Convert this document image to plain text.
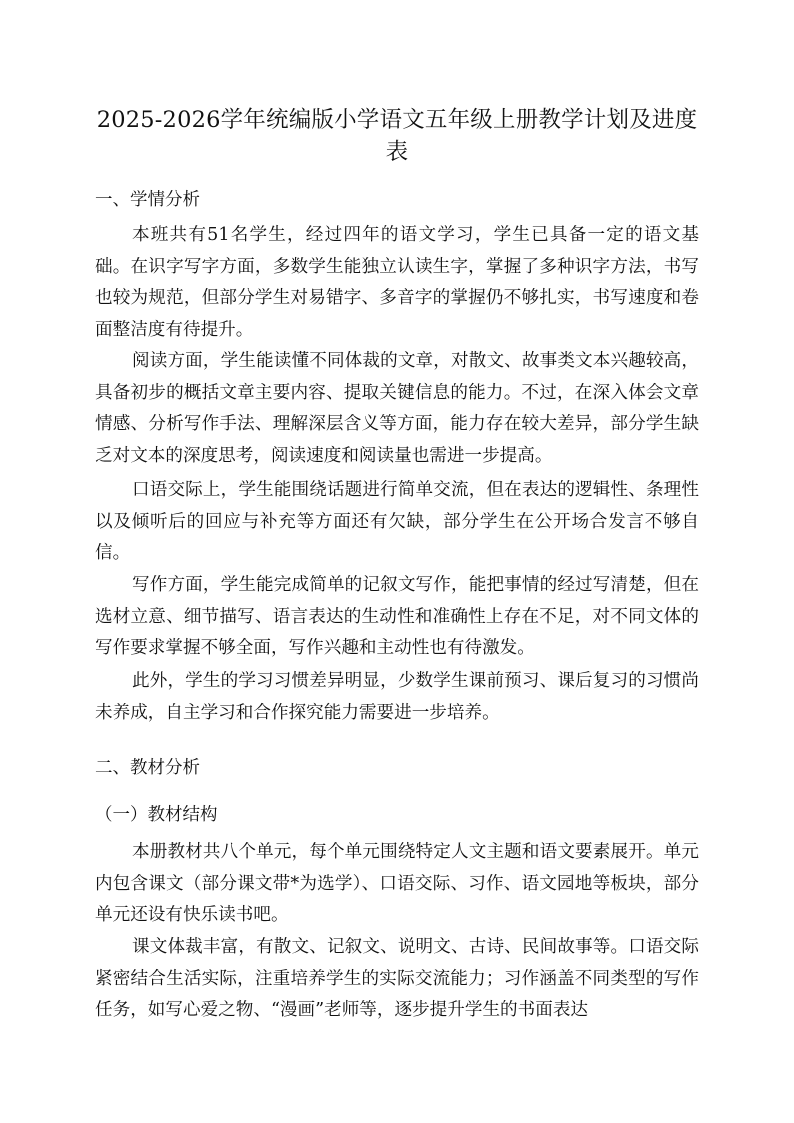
2025-2026学年统编版小学语文五年级上册教学计划及进度表
一、学情分析

本班共有51名学生，经过四年的语文学习，学生已具备一定的语文基础。在识字写字方面，多数学生能独立认读生字，掌握了多种识字方法，书写也较为规范，但部分学生对易错字、多音字的掌握仍不够扎实，书写速度和卷面整洁度有待提升。

阅读方面，学生能读懂不同体裁的文章，对散文、故事类文本兴趣较高，具备初步的概括文章主要内容、提取关键信息的能力。不过，在深入体会文章情感、分析写作手法、理解深层含义等方面，能力存在较大差异，部分学生缺乏对文本的深度思考，阅读速度和阅读量也需进一步提高。

口语交际上，学生能围绕话题进行简单交流，但在表达的逻辑性、条理性以及倾听后的回应与补充等方面还有欠缺，部分学生在公开场合发言不够自信。

写作方面，学生能完成简单的记叙文写作，能把事情的经过写清楚，但在选材立意、细节描写、语言表达的生动性和准确性上存在不足，对不同文体的写作要求掌握不够全面，写作兴趣和主动性也有待激发。

此外，学生的学习习惯差异明显，少数学生课前预习、课后复习的习惯尚未养成，自主学习和合作探究能力需要进一步培养。

二、教材分析
（一）教材结构

本册教材共八个单元，每个单元围绕特定人文主题和语文要素展开。单元内包含课文（部分课文带*为选学）、口语交际、习作、语文园地等板块，部分单元还设有快乐读书吧。

课文体裁丰富，有散文、记叙文、说明文、古诗、民间故事等。口语交际紧密结合生活实际，注重培养学生的实际交流能力；习作涵盖不同类型的写作任务，如写心爱之物、“漫画”老师等，逐步提升学生的书面表达
